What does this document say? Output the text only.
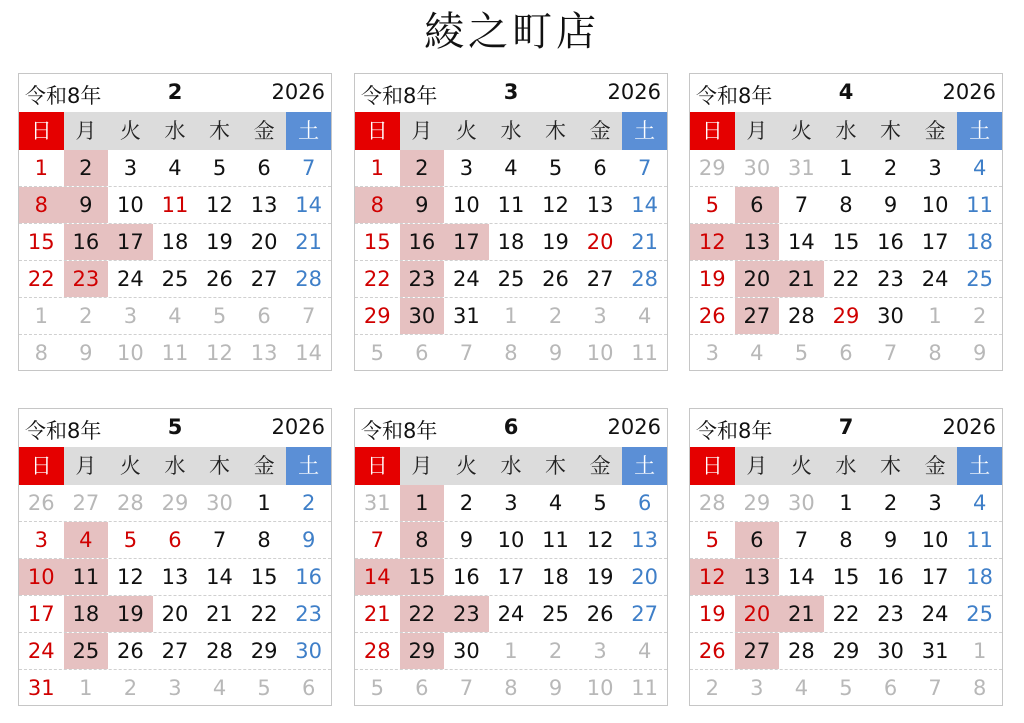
綾之町店
2
令和8年	2026
日	月	火	水	木	金	土
1	2	3	4	5	6	7
8	9	10 11 12 13 14
15 16 17 18 19 20 21
22 23 24 25 26 27 28
1	2	3	4	5	6	7
8	9	10 11 12 13 14
3
令和8年	2026
日	月	火	水	木	金	土
1	2	3	4	5	6	7
8	9	10 11 12 13 14
15 16 17 18 19 20 21
22 23 24 25 26 27 28
29 30 31	1	2	3	4
5	6	7	8	9	10 11
4
令和8年	2026
日	月	火	水	木	金	土
29 30 31	1	2	3	4
5	6	7	8	9	10 11
12 13 14 15 16 17 18
19 20 21 22 23 24 25
26 27 28 29 30	1	2
3	4	5	6	7	8	9
5
令和8年	2026
日	月	火	水	木	金	土
26 27 28 29 30	1	2
3	4	5	6	7	8	9
10 11 12 13 14 15 16
17 18 19 20 21 22 23
24 25 26 27 28 29 30
31	1	2	3	4	5	6
6
令和8年	2026
日	月	火	水	木	金	土
31	1	2	3	4	5	6
7	8	9	10 11 12 13
14 15 16 17 18 19 20
21 22 23 24 25 26 27
28 29 30	1	2	3	4
5	6	7	8	9	10 11
7
令和8年	2026
日	月	火	水	木	金	土
28 29 30	1	2	3	4
5	6	7	8	9	10 11
12 13 14 15 16 17 18
19 20 21 22 23 24 25
26 27 28 29 30 31	1
2	3	4	5	6	7	8
